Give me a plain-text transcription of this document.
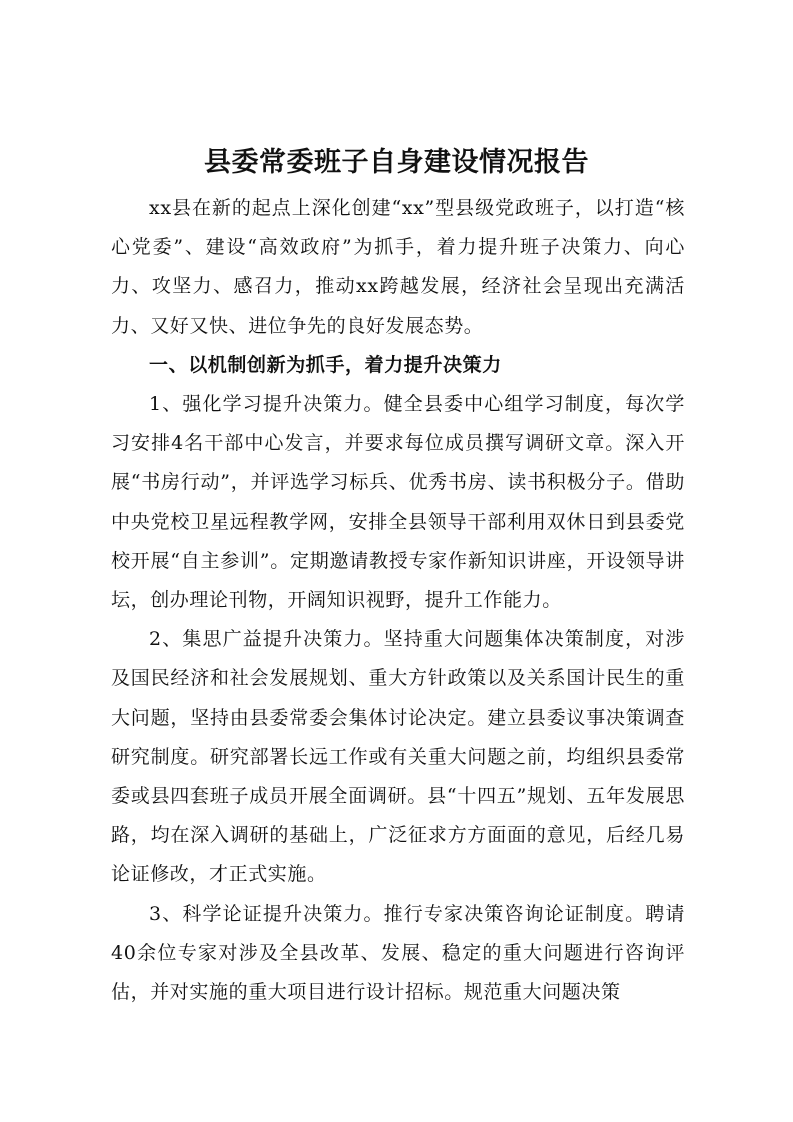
县委常委班子自身建设情况报告

xx县在新的起点上深化创建“xx”型县级党政班子，以打造“核心党委”、建设“高效政府”为抓手，着力提升班子决策力、向心力、攻坚力、感召力，推动xx跨越发展，经济社会呈现出充满活力、又好又快、进位争先的良好发展态势。

一、以机制创新为抓手，着力提升决策力

1、强化学习提升决策力。健全县委中心组学习制度，每次学习安排4名干部中心发言，并要求每位成员撰写调研文章。深入开展“书房行动”，并评选学习标兵、优秀书房、读书积极分子。借助中央党校卫星远程教学网，安排全县领导干部利用双休日到县委党校开展“自主参训”。定期邀请教授专家作新知识讲座，开设领导讲坛，创办理论刊物，开阔知识视野，提升工作能力。

2、集思广益提升决策力。坚持重大问题集体决策制度，对涉及国民经济和社会发展规划、重大方针政策以及关系国计民生的重大问题，坚持由县委常委会集体讨论决定。建立县委议事决策调查研究制度。研究部署长远工作或有关重大问题之前，均组织县委常委或县四套班子成员开展全面调研。县“十四五”规划、五年发展思路，均在深入调研的基础上，广泛征求方方面面的意见，后经几易论证修改，才正式实施。

3、科学论证提升决策力。推行专家决策咨询论证制度。聘请40余位专家对涉及全县改革、发展、稳定的重大问题进行咨询评估，并对实施的重大项目进行设计招标。规范重大问题决策
